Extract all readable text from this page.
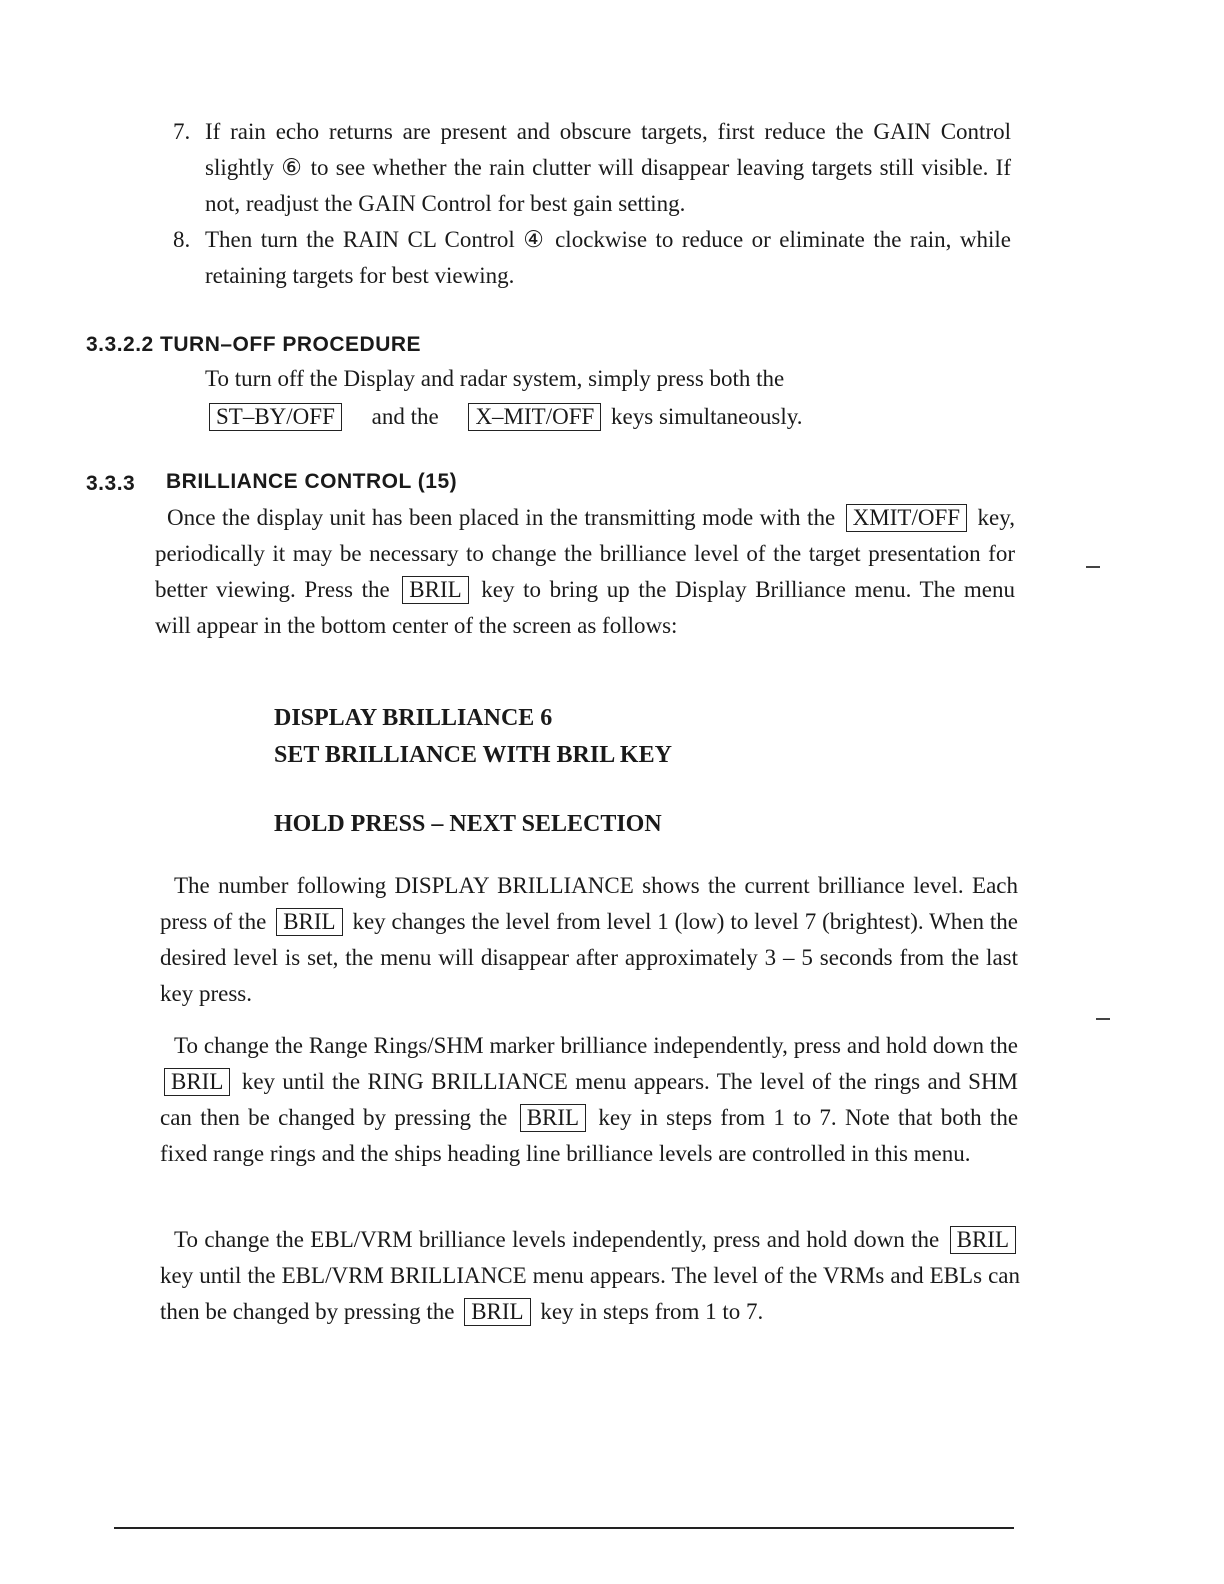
7. If rain echo returns are present and obscure targets, first reduce the GAIN Control slightly ⑥ to see whether the rain clutter will disappear leaving targets still visible. If not, readjust the GAIN Control for best gain setting.
8. Then turn the RAIN CL Control ④ clockwise to reduce or eliminate the rain, while retaining targets for best viewing.
3.3.2.2 TURN–OFF PROCEDURE
To turn off the Display and radar system, simply press both the
ST–BY/OFF and the X–MIT/OFF keys simultaneously.
3.3.3 BRILLIANCE CONTROL (15)
Once the display unit has been placed in the transmitting mode with the XMIT/OFF key, periodically it may be necessary to change the brilliance level of the target presentation for better viewing. Press the BRIL key to bring up the Display Brilliance menu. The menu will appear in the bottom center of the screen as follows:
DISPLAY BRILLIANCE 6
SET BRILLIANCE WITH BRIL KEY
HOLD PRESS – NEXT SELECTION
The number following DISPLAY BRILLIANCE shows the current brilliance level. Each press of the BRIL key changes the level from level 1 (low) to level 7 (brightest). When the desired level is set, the menu will disappear after approximately 3 – 5 seconds from the last key press.
To change the Range Rings/SHM marker brilliance independently, press and hold down the BRIL key until the RING BRILLIANCE menu appears. The level of the rings and SHM can then be changed by pressing the BRIL key in steps from 1 to 7. Note that both the fixed range rings and the ships heading line brilliance levels are controlled in this menu.
To change the EBL/VRM brilliance levels independently, press and hold down the BRIL key until the EBL/VRM BRILLIANCE menu appears. The level of the VRMs and EBLs can then be changed by pressing the BRIL key in steps from 1 to 7.
